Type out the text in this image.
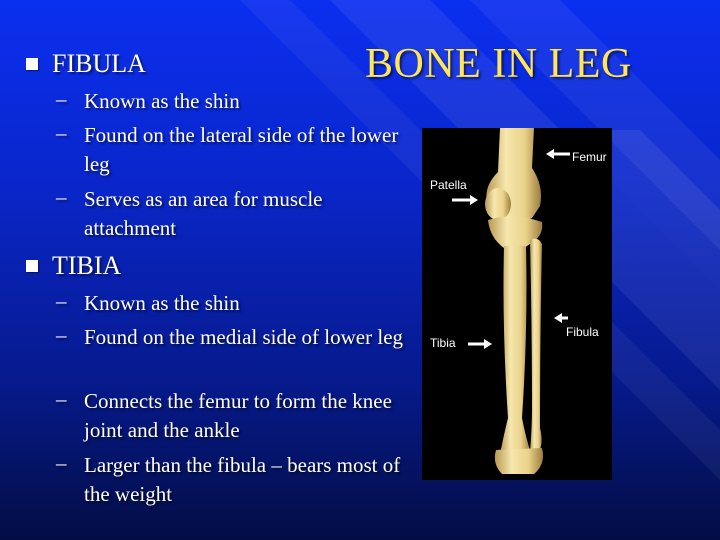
BONE IN LEG
FIBULA
– Known as the shin
– Found on the lateral side of the lower leg
– Serves as an area for muscle attachment
TIBIA
– Known as the shin
– Found on the medial side of lower leg
– Connects the femur to form the knee joint and the ankle
– Larger than the fibula – bears most of the weight
Femur
Patella
Fibula
Tibia
